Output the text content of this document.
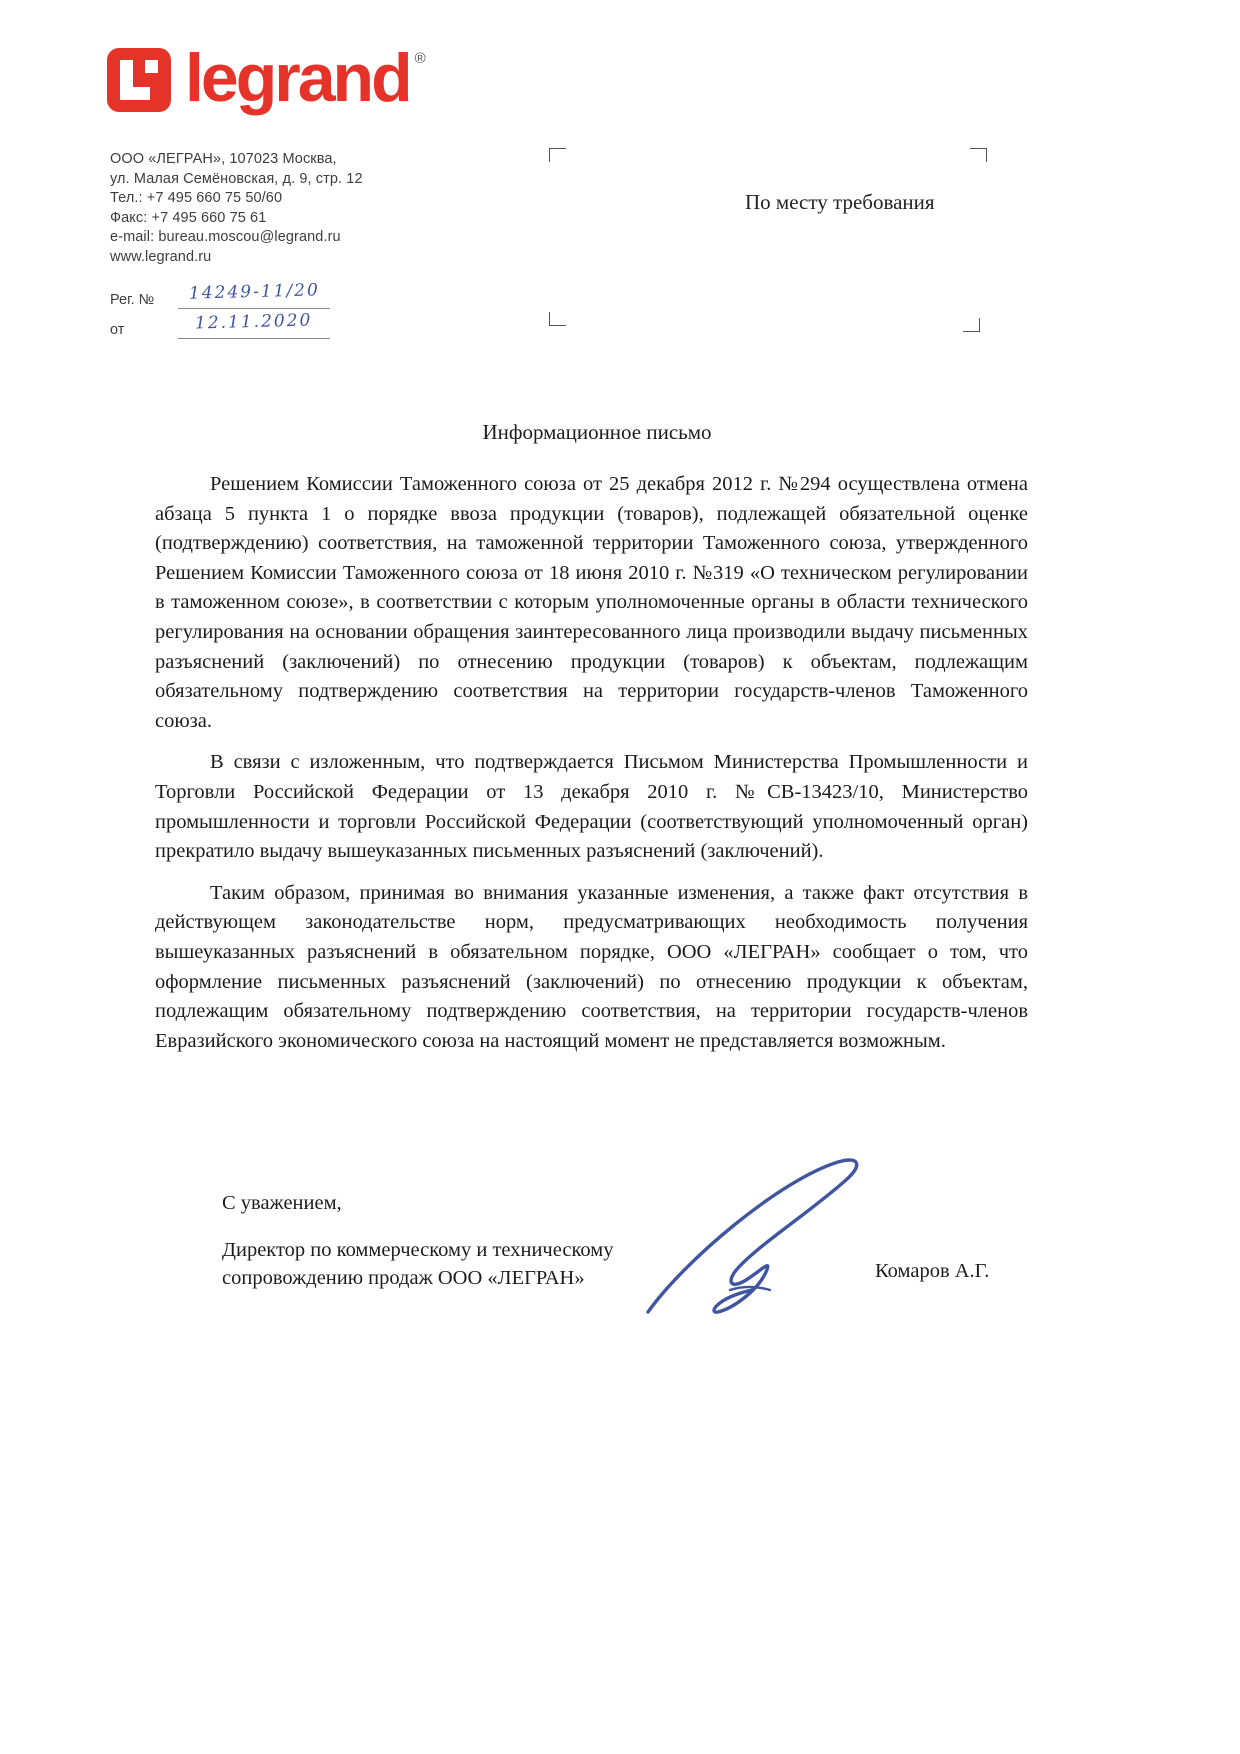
legrand ®
ООО «ЛЕГРАН», 107023 Москва,
ул. Малая Семёновская, д. 9, стр. 12
Тел.: +7 495 660 75 50/60
Факс: +7 495 660 75 61
e-mail: bureau.moscou@legrand.ru
www.legrand.ru
По месту требования
Рег. №	14249-11/20
от	12.11.2020
Информационное письмо

Решением Комиссии Таможенного союза от 25 декабря 2012 г. №294 осуществлена отмена абзаца 5 пункта 1 о порядке ввоза продукции (товаров), подлежащей обязательной оценке (подтверждению) соответствия, на таможенной территории Таможенного союза, утвержденного Решением Комиссии Таможенного союза от 18 июня 2010 г. №319 «О техническом регулировании в таможенном союзе», в соответствии с которым уполномоченные органы в области технического регулирования на основании обращения заинтересованного лица производили выдачу письменных разъяснений (заключений) по отнесению продукции (товаров) к объектам, подлежащим обязательному подтверждению соответствия на территории государств-членов Таможенного союза.

В связи с изложенным, что подтверждается Письмом Министерства Промышленности и Торговли Российской Федерации от 13 декабря 2010 г. №СВ-13423/10, Министерство промышленности и торговли Российской Федерации (соответствующий уполномоченный орган) прекратило выдачу вышеуказанных письменных разъяснений (заключений).

Таким образом, принимая во внимания указанные изменения, а также факт отсутствия в действующем законодательстве норм, предусматривающих необходимость получения вышеуказанных разъяснений в обязательном порядке, ООО «ЛЕГРАН» сообщает о том, что оформление письменных разъяснений (заключений) по отнесению продукции к объектам, подлежащим обязательному подтверждению соответствия, на территории государств-членов Евразийского экономического союза на настоящий момент не представляется возможным.

С уважением,
Директор по коммерческому и техническому сопровождению продаж ООО «ЛЕГРАН»	Комаров А.Г.
